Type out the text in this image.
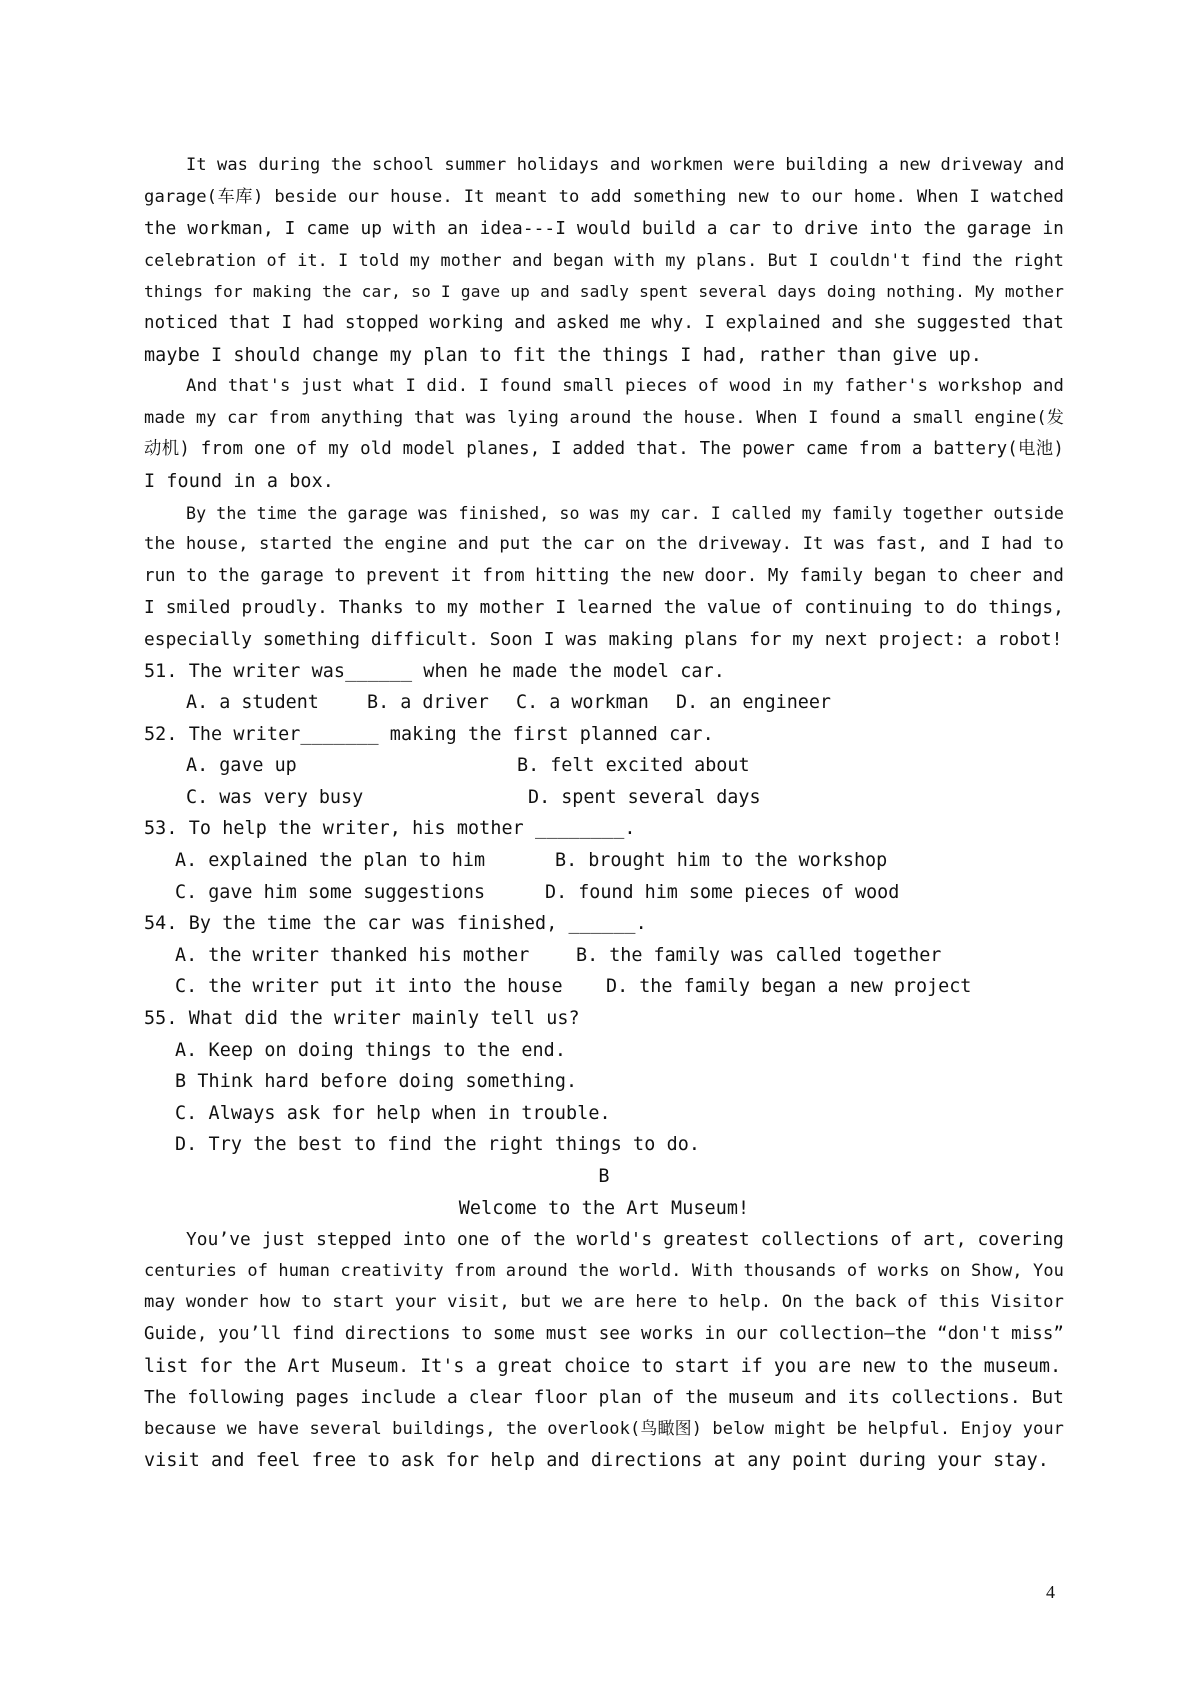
It was during the school summer holidays and workmen were building a new driveway and
garage(车库) beside our house. It meant to add something new to our home. When I watched
the workman, I came up with an idea---I would build a car to drive into the garage in
celebration of it. I told my mother and began with my plans. But I couldn't find the right
things for making the car, so I gave up and sadly spent several days doing nothing. My mother
noticed that I had stopped working and asked me why. I explained and she suggested that
maybe I should change my plan to fit the things I had, rather than give up.
And that's just what I did. I found small pieces of wood in my father's workshop and
made my car from anything that was lying around the house. When I found a small engine(发
动机) from one of my old model planes, I added that. The power came from a battery(电池)
I found in a box.
By the time the garage was finished, so was my car. I called my family together outside
the house, started the engine and put the car on the driveway. It was fast, and I had to
run to the garage to prevent it from hitting the new door. My family began to cheer and
I smiled proudly. Thanks to my mother I learned the value of continuing to do things,
especially something difficult. Soon I was making plans for my next project: a robot!
51. The writer was______ when he made the model car.
A. a student	B. a driver C. a workman D. an engineer
52. The writer_______ making the first planned car.
A. gave up	B. felt excited about
C. was very busy	D. spent several days
53. To help the writer, his mother ________.
A. explained the plan to him	B. brought him to the workshop
C. gave him some suggestions	D. found him some pieces of wood
54. By the time the car was finished, ______.
A. the writer thanked his mother	B. the family was called together
C. the writer put it into the house D. the family began a new project
55. What did the writer mainly tell us?
A. Keep on doing things to the end.
B Think hard before doing something.
C. Always ask for help when in trouble.
D. Try the best to find the right things to do.
B
Welcome to the Art Museum!
You’ve just stepped into one of the world's greatest collections of art, covering
centuries of human creativity from around the world. With thousands of works on Show, You
may wonder how to start your visit, but we are here to help. On the back of this Visitor
Guide, you’ll find directions to some must see works in our collection—the “don't miss”
list for the Art Museum. It's a great choice to start if you are new to the museum.
The following pages include a clear floor plan of the museum and its collections. But
because we have several buildings, the overlook(鸟瞰图) below might be helpful. Enjoy your
visit and feel free to ask for help and directions at any point during your stay.
4
